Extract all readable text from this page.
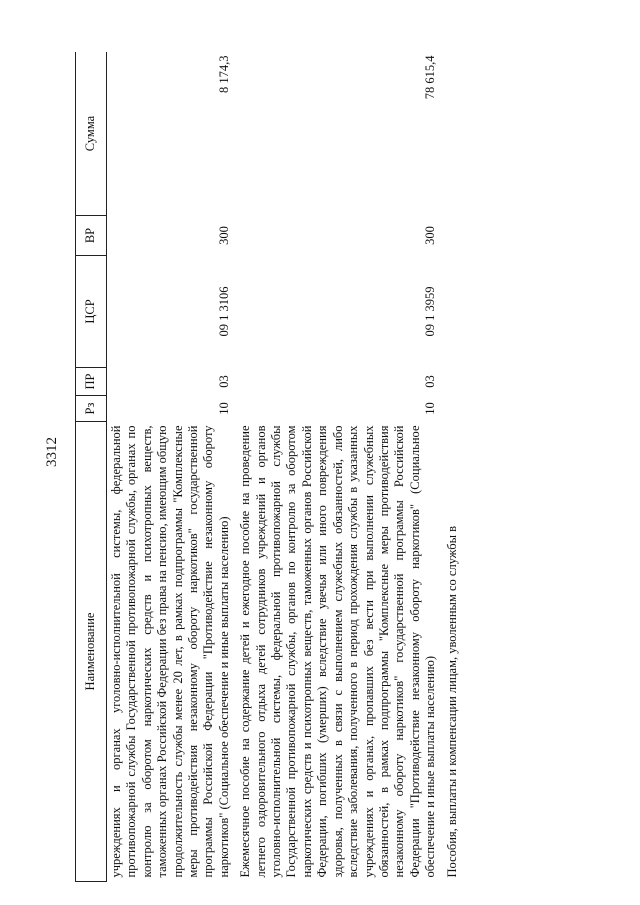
3312
Наименование	Рз	ПР	ЦСР	ВР	Сумма
учреждениях и органах уголовно-исполнительной системы, федеральной противопожарной службы Государственной противопожарной службы, органах по контролю за оборотом наркотических средств и психотропных веществ, таможенных органах Российской Федерации без права на пенсию, имеющим общую продолжительность службы менее 20 лет, в рамках подпрограммы "Комплексные меры противодействия незаконному обороту наркотиков" государственной программы Российской Федерации "Противодействие незаконному обороту наркотиков" (Социальное обеспечение и иные выплаты населению)	10	03	09 1 3106	300	8 174,3
Ежемесячное пособие на содержание детей и ежегодное пособие на проведение летнего оздоровительного отдыха детей сотрудников учреждений и органов уголовно-исполнительной системы, федеральной противопожарной службы Государственной противопожарной службы, органов по контролю за оборотом наркотических средств и психотропных веществ, таможенных органов Российской Федерации, погибших (умерших) вследствие увечья или иного повреждения здоровья, полученных в связи с выполнением служебных обязанностей, либо вследствие заболевания, полученного в период прохождения службы в указанных учреждениях и органах, пропавших без вести при выполнении служебных обязанностей, в рамках подпрограммы "Комплексные меры противодействия незаконному обороту наркотиков" государственной программы Российской Федерации "Противодействие незаконному обороту наркотиков" (Социальное обеспечение и иные выплаты населению)	10	03	09 1 3959	300	78 615,4
Пособия, выплаты и компенсации лицам, уволенным со службы в					
